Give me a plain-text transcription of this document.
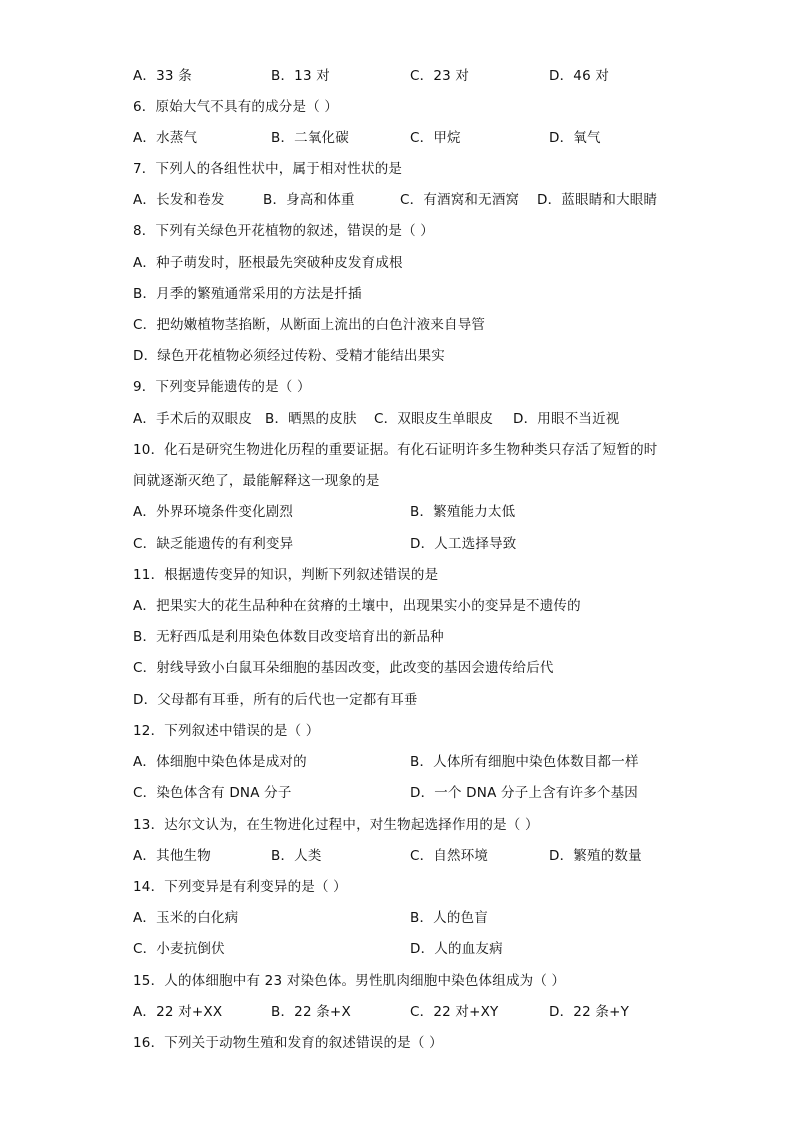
A．33 条	B．13 对	C．23 对	D．46 对
6．原始大气不具有的成分是（ ）
A．水蒸气	B．二氧化碳	C．甲烷	D．氧气
7．下列人的各组性状中，属于相对性状的是
A．长发和卷发	B．身高和体重	C．有酒窝和无酒窝 D．蓝眼睛和大眼睛
8．下列有关绿色开花植物的叙述，错误的是（ ）
A．种子萌发时，胚根最先突破种皮发育成根
B．月季的繁殖通常采用的方法是扦插
C．把幼嫩植物茎掐断，从断面上流出的白色汁液来自导管
D．绿色开花植物必须经过传粉、受精才能结出果实
9．下列变异能遗传的是（ ）
A．手术后的双眼皮 B．晒黑的皮肤 C．双眼皮生单眼皮 D．用眼不当近视
10．化石是研究生物进化历程的重要证据。有化石证明许多生物种类只存活了短暂的时
间就逐渐灭绝了，最能解释这一现象的是
A．外界环境条件变化剧烈	B．繁殖能力太低
C．缺乏能遗传的有利变异	D．人工选择导致
11．根据遗传变异的知识，判断下列叙述错误的是
A．把果实大的花生品种种在贫瘠的土壤中，出现果实小的变异是不遗传的
B．无籽西瓜是利用染色体数目改变培育出的新品种
C．射线导致小白鼠耳朵细胞的基因改变，此改变的基因会遗传给后代
D．父母都有耳垂，所有的后代也一定都有耳垂
12．下列叙述中错误的是（ ）
A．体细胞中染色体是成对的	B．人体所有细胞中染色体数目都一样
C．染色体含有 DNA 分子	D．一个 DNA 分子上含有许多个基因
13．达尔文认为，在生物进化过程中，对生物起选择作用的是（ ）
A．其他生物	B．人类	C．自然环境	D．繁殖的数量
14．下列变异是有利变异的是（ ）
A．玉米的白化病	B．人的色盲
C．小麦抗倒伏	D．人的血友病
15．人的体细胞中有 23 对染色体。男性肌肉细胞中染色体组成为（ ）
A．22 对+XX	B．22 条+X	C．22 对+XY	D．22 条+Y
16．下列关于动物生殖和发育的叙述错误的是（ ）
